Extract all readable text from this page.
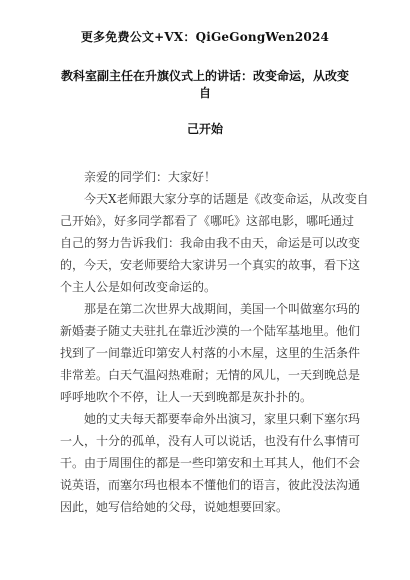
更多免费公文+VX：QiGeGongWen2024
教科室副主任在升旗仪式上的讲话：改变命运，从改变自
己开始
亲爱的同学们：大家好！
今天Ⅹ老师跟大家分享的话题是《改变命运，从改变自
己开始》，好多同学都看了《哪吒》这部电影，哪吒通过
自己的努力告诉我们：我命由我不由天，命运是可以改变
的，今天，安老师要给大家讲另一个真实的故事，看下这
个主人公是如何改变命运的。
那是在第二次世界大战期间，美国一个叫做塞尔玛的
新婚妻子随丈夫驻扎在靠近沙漠的一个陆军基地里。他们
找到了一间靠近印第安人村落的小木屋，这里的生活条件
非常差。白天气温闷热难耐；无情的风儿，一天到晚总是
呼呼地吹个不停，让人一天到晚都是灰扑扑的。
她的丈夫每天都要奉命外出演习，家里只剩下塞尔玛
一人，十分的孤单，没有人可以说话，也没有什么事情可
干。由于周围住的都是一些印第安和土耳其人，他们不会
说英语，而塞尔玛也根本不懂他们的语言，彼此没法沟通
因此，她写信给她的父母，说她想要回家。
